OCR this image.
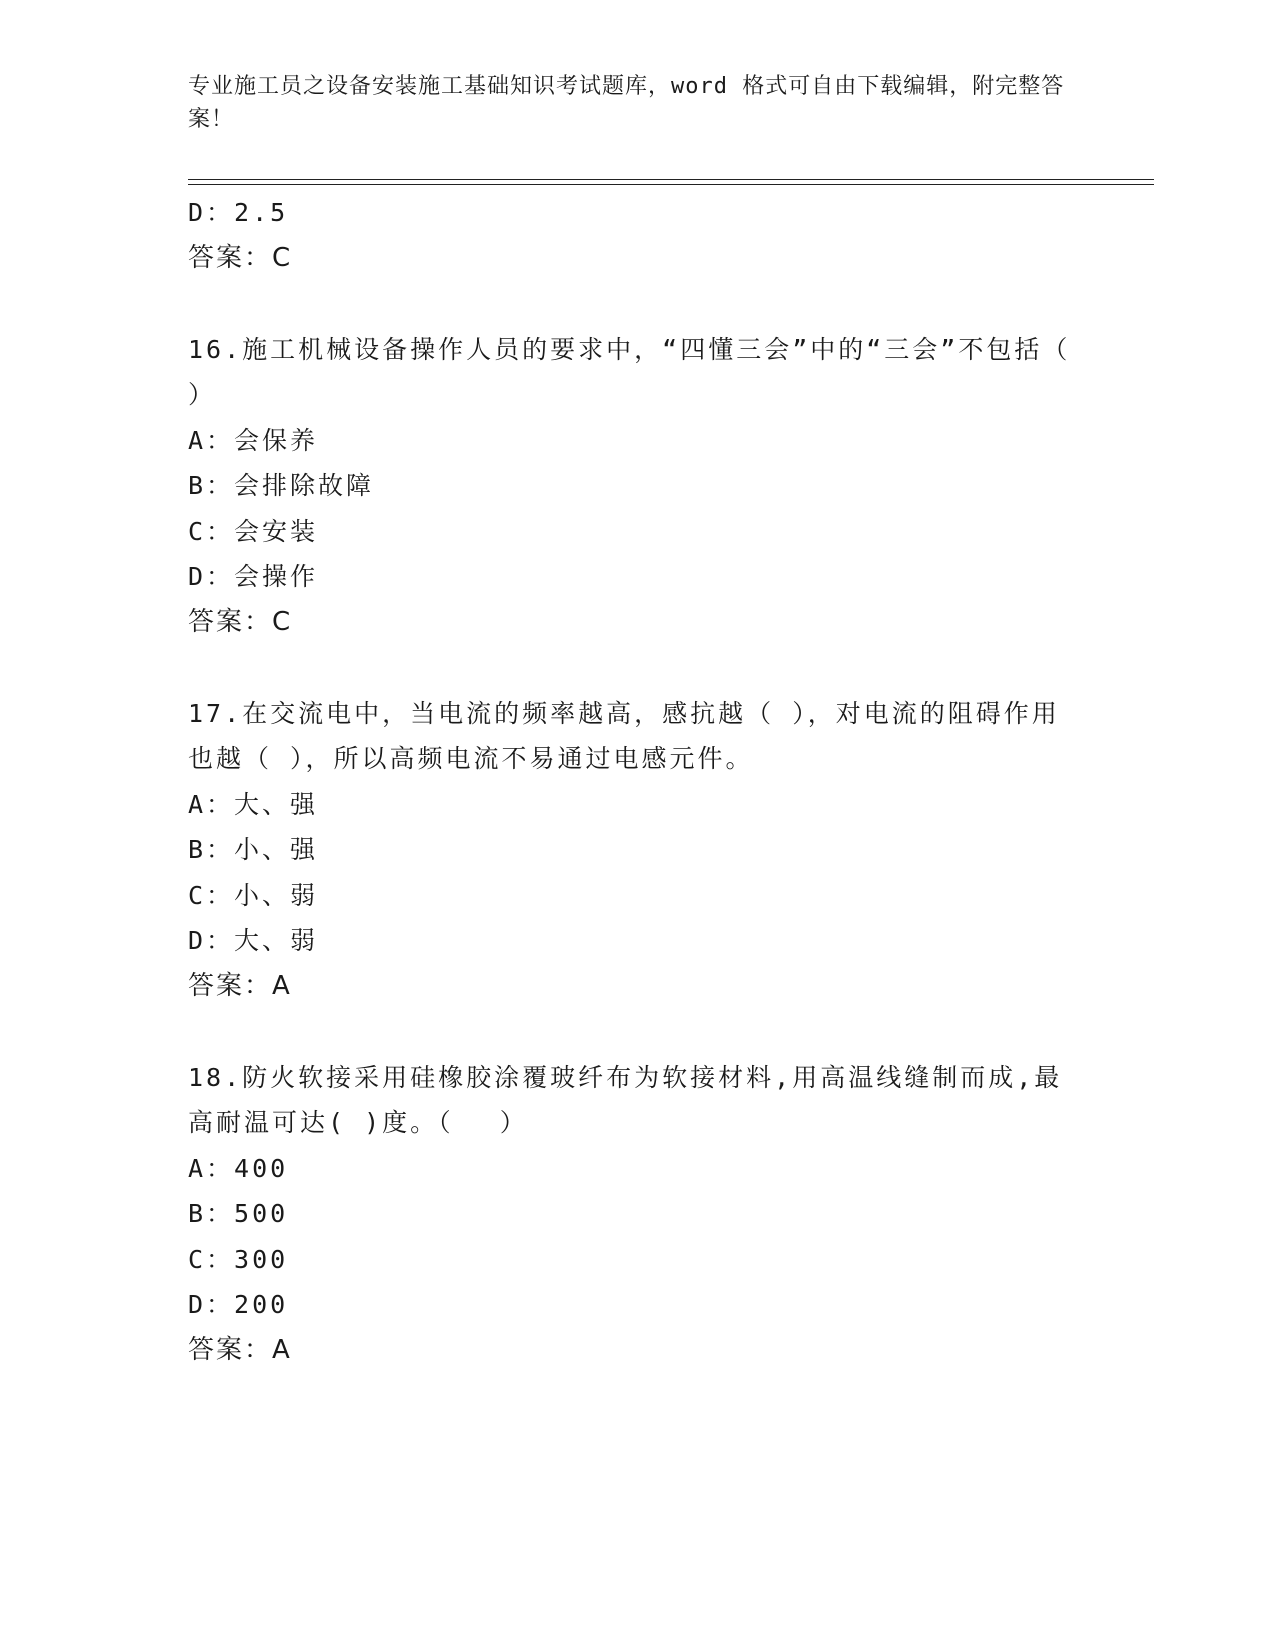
专业施工员之设备安装施工基础知识考试题库，word 格式可自由下载编辑，附完整答案！
D：2.5
答案：C
16.施工机械设备操作人员的要求中，“四懂三会”中的“三会”不包括（ ）
A：会保养
B：会排除故障
C：会安装
D：会操作
答案：C
17.在交流电中，当电流的频率越高，感抗越（ ），对电流的阻碍作用也越（ ），所以高频电流不易通过电感元件。
A：大、强
B：小、强
C：小、弱
D：大、弱
答案：A
18.防火软接采用硅橡胶涂覆玻纤布为软接材料,用高温线缝制而成,最高耐温可达( )度。（　 ）
A：400
B：500
C：300
D：200
答案：A
